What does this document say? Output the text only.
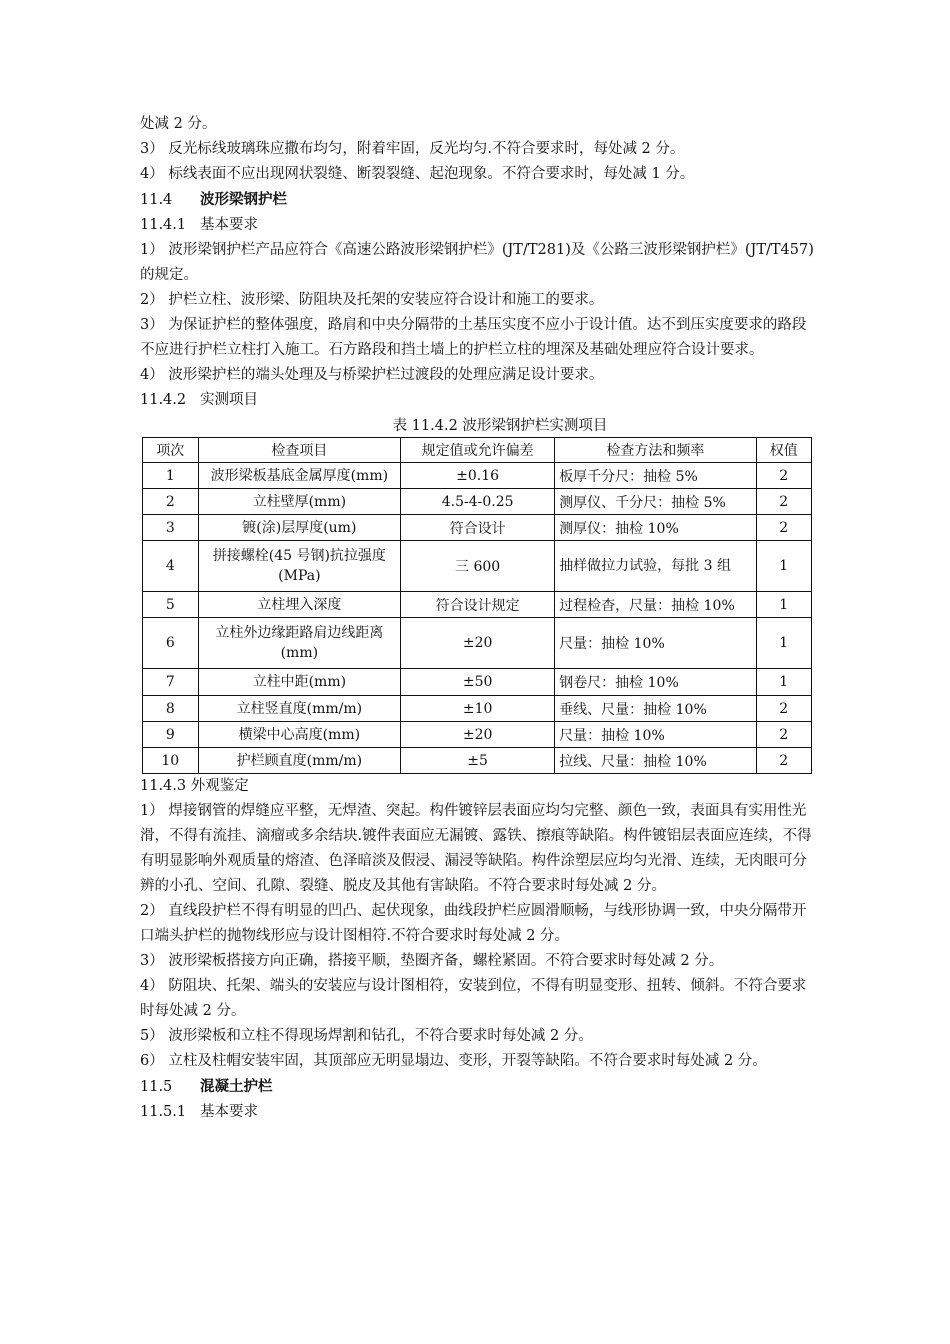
处减 2 分。
3） 反光标线玻璃珠应撒布均匀，附着牢固，反光均匀.不符合要求时，每处减 2 分。
4） 标线表面不应出现网状裂缝、断裂裂缝、起泡现象。不符合要求时，每处减 1 分。
11.4 波形梁钢护栏
11.4.1 基本要求
1） 波形梁钢护栏产品应符合《高速公路波形梁钢护栏》(JT/T281)及《公路三波形梁钢护栏》(JT/T457)的规定。
2） 护栏立柱、波形梁、防阻块及托架的安装应符合设计和施工的要求。
3） 为保证护栏的整体强度，路肩和中央分隔带的土基压实度不应小于设计值。达不到压实度要求的路段不应进行护栏立柱打入施工。石方路段和挡土墙上的护栏立柱的埋深及基础处理应符合设计要求。
4） 波形梁护栏的端头处理及与桥梁护栏过渡段的处理应满足设计要求。
11.4.2 实测项目
表 11.4.2 波形梁钢护栏实测项目
项次	检查项目	规定值或允许偏差	检查方法和频率	权值
1	波形梁板基底金属厚度(mm)	±0.16	板厚千分尺：抽检 5%	2
2	立柱壁厚(mm)	4.5-4-0.25	测厚仪、千分尺：抽检 5%	2
3	镀(涂)层厚度(um)	符合设计	测厚仪：抽检 10%	2
4	拼接螺栓(45 号钢)抗拉强度(MPa)	三 600	抽样做拉力试验，每批 3 组	1
5	立柱埋入深度	符合设计规定	过程检杳，尺量：抽检 10%	1
6	立柱外边缘距路肩边线距离(mm)	±20	尺量：抽检 10%	1
7	立柱中距(mm)	±50	钢卷尺：抽检 10%	1
8	立柱竖直度(mm/m)	±10	垂线、尺量：抽检 10%	2
9	横梁中心高度(mm)	±20	尺量：抽检 10%	2
10	护栏顾直度(mm/m)	±5	拉线、尺量：抽检 10%	2
11.4.3 外观鉴定
1） 焊接钢管的焊缝应平整，无焊渣、突起。构件镀锌层表面应均匀完整、颜色一致，表面具有实用性光滑，不得有流挂、滴瘤或多余结块.镀件表面应无漏镀、露铁、擦痕等缺陷。构件镀铝层表面应连续，不得有明显影响外观质量的熔渣、色泽暗淡及假浸、漏浸等缺陷。构件涂塑层应均匀光滑、连续，无肉眼可分辨的小孔、空间、孔隙、裂缝、脱皮及其他有害缺陷。不符合要求时每处减 2 分。
2） 直线段护栏不得有明显的凹凸、起伏现象，曲线段护栏应圆滑顺畅，与线形协调一致，中央分隔带开口端头护栏的抛物线形应与设计图相符.不符合要求时每处减 2 分。
3） 波形梁板搭接方向正确，搭接平顺，垫圈齐备，螺栓紧固。不符合要求时每处减 2 分。
4） 防阻块、托架、端头的安装应与设计图相符，安装到位，不得有明显变形、扭转、倾斜。不符合要求时每处减 2 分。
5） 波形梁板和立柱不得现场焊割和钻孔，不符合要求时每处减 2 分。
6） 立柱及柱帽安装牢固，其顶部应无明显塌边、变形，开裂等缺陷。不符合要求时每处减 2 分。
11.5 混凝土护栏
11.5.1 基本要求
